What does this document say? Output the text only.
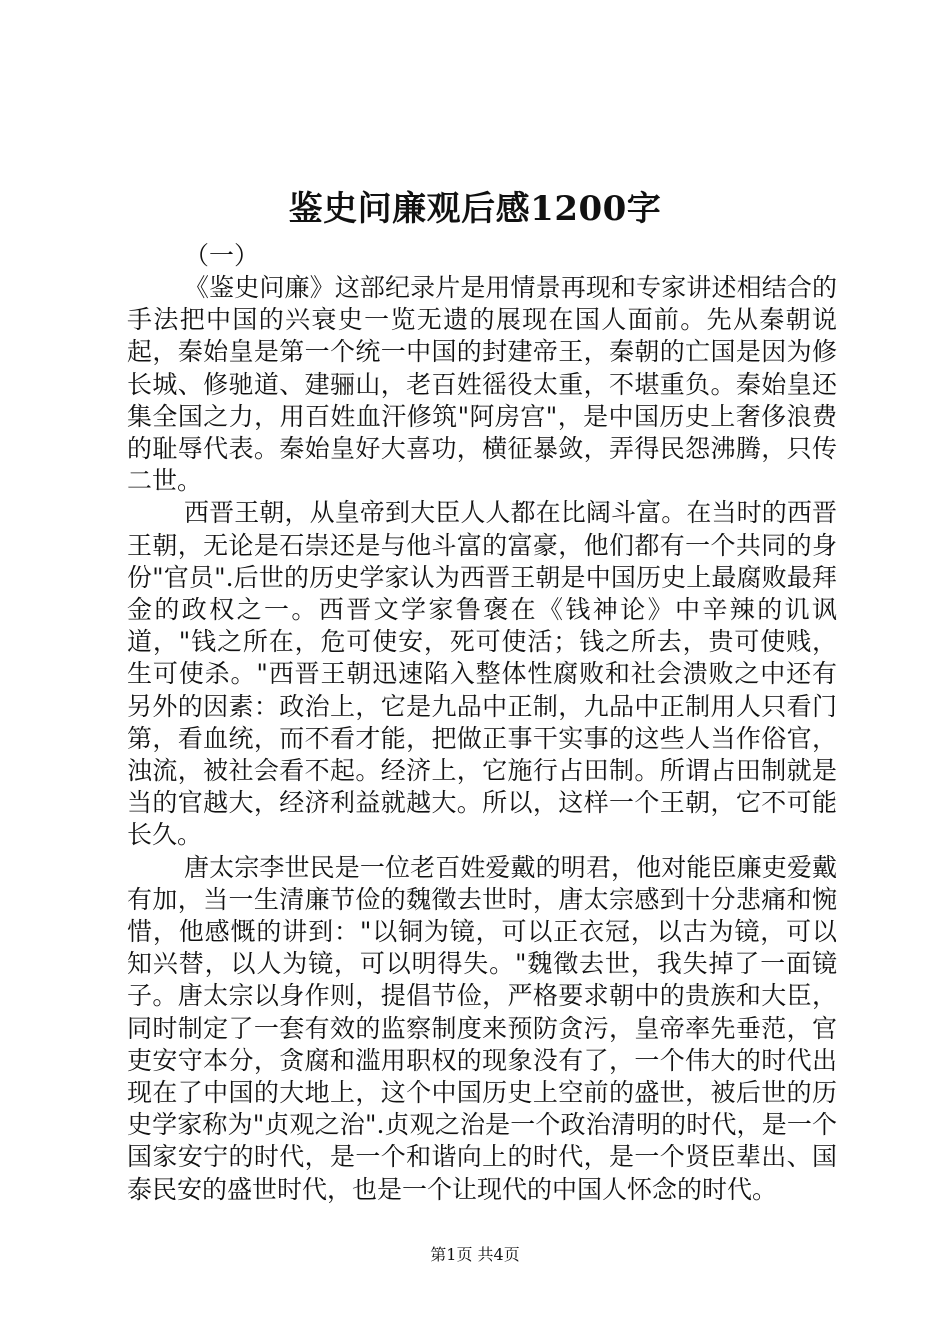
鉴史问廉观后感1200字

（一）

《鉴史问廉》这部纪录片是用情景再现和专家讲述相结合的手法把中国的兴衰史一览无遗的展现在国人面前。先从秦朝说起，秦始皇是第一个统一中国的封建帝王，秦朝的亡国是因为修长城、修驰道、建骊山，老百姓徭役太重，不堪重负。秦始皇还集全国之力，用百姓血汗修筑"阿房宫"，是中国历史上奢侈浪费的耻辱代表。秦始皇好大喜功，横征暴敛，弄得民怨沸腾，只传二世。

西晋王朝，从皇帝到大臣人人都在比阔斗富。在当时的西晋王朝，无论是石崇还是与他斗富的富豪，他们都有一个共同的身份"官员".后世的历史学家认为西晋王朝是中国历史上最腐败最拜金的政权之一。西晋文学家鲁褒在《钱神论》中辛辣的讥讽道，"钱之所在，危可使安，死可使活；钱之所去，贵可使贱，生可使杀。"西晋王朝迅速陷入整体性腐败和社会溃败之中还有另外的因素：政治上，它是九品中正制，九品中正制用人只看门第，看血统，而不看才能，把做正事干实事的这些人当作俗官，浊流，被社会看不起。经济上，它施行占田制。所谓占田制就是当的官越大，经济利益就越大。所以，这样一个王朝，它不可能长久。

唐太宗李世民是一位老百姓爱戴的明君，他对能臣廉吏爱戴有加，当一生清廉节俭的魏徵去世时，唐太宗感到十分悲痛和惋惜，他感慨的讲到："以铜为镜，可以正衣冠，以古为镜，可以知兴替，以人为镜，可以明得失。"魏徵去世，我失掉了一面镜子。唐太宗以身作则，提倡节俭，严格要求朝中的贵族和大臣，同时制定了一套有效的监察制度来预防贪污，皇帝率先垂范，官吏安守本分，贪腐和滥用职权的现象没有了，一个伟大的时代出现在了中国的大地上，这个中国历史上空前的盛世，被后世的历史学家称为"贞观之治".贞观之治是一个政治清明的时代，是一个国家安宁的时代，是一个和谐向上的时代，是一个贤臣辈出、国泰民安的盛世时代，也是一个让现代的中国人怀念的时代。

第1页 共4页
